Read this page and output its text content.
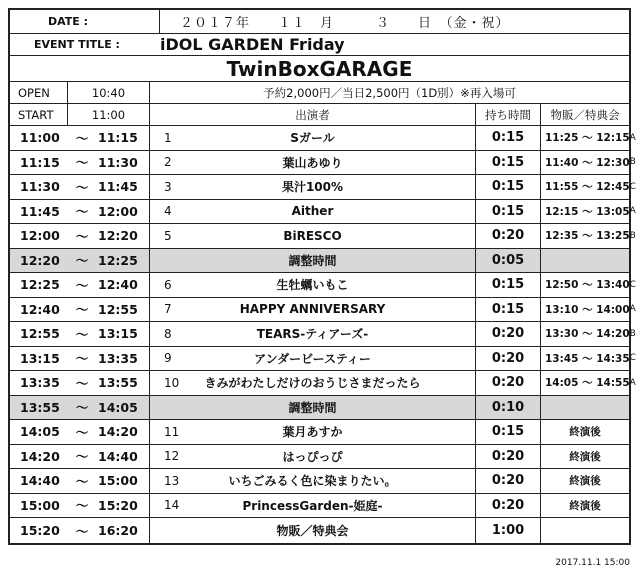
DATE :	２０１７年　　１１　月　　　３　　日　（金・祝）
EVENT TITLE :	iDOL GARDEN Friday
TwinBoxGARAGE
OPEN	10:40	予約2,000円／当日2,500円（1D別）※再入場可
START	11:00	出演者	持ち時間	物販／特典会
11:00	〜 11:15	1	Sガール	0:15	11:25 〜 12:15 A
11:15	〜 11:30	2	葉山あゆり	0:15	11:40 〜 12:30 B
11:30	〜 11:45	3	果汁100%	0:15	11:55 〜 12:45 C
11:45	〜 12:00	4	Aither	0:15	12:15 〜 13:05 A
12:00	〜 12:20	5	BiRESCO	0:20	12:35 〜 13:25 B
12:20	〜 12:25	調整時間	0:05
12:25	〜 12:40	6	生牡蠣いもこ	0:15	12:50 〜 13:40 C
12:40	〜 12:55	7	HAPPY ANNIVERSARY	0:15	13:10 〜 14:00 A
12:55	〜 13:15	8	TEARS-ティアーズ-	0:20	13:30 〜 14:20 B
13:15	〜 13:35	9	アンダービースティー	0:20	13:45 〜 14:35 C
13:35	〜 13:55	10	きみがわたしだけのおうじさまだったら	0:20	14:05 〜 14:55 A
13:55	〜 14:05	調整時間	0:10
14:05	〜 14:20	11	葉月あすか	0:15	終演後
14:20	〜 14:40	12	はっぴっぴ	0:20	終演後
14:40	〜 15:00	13	いちごみるく色に染まりたい。	0:20	終演後
15:00	〜 15:20	14	PrincessGarden-姫庭-	0:20	終演後
15:20	〜 16:20	物販／特典会	1:00
2017.11.1 15:00
